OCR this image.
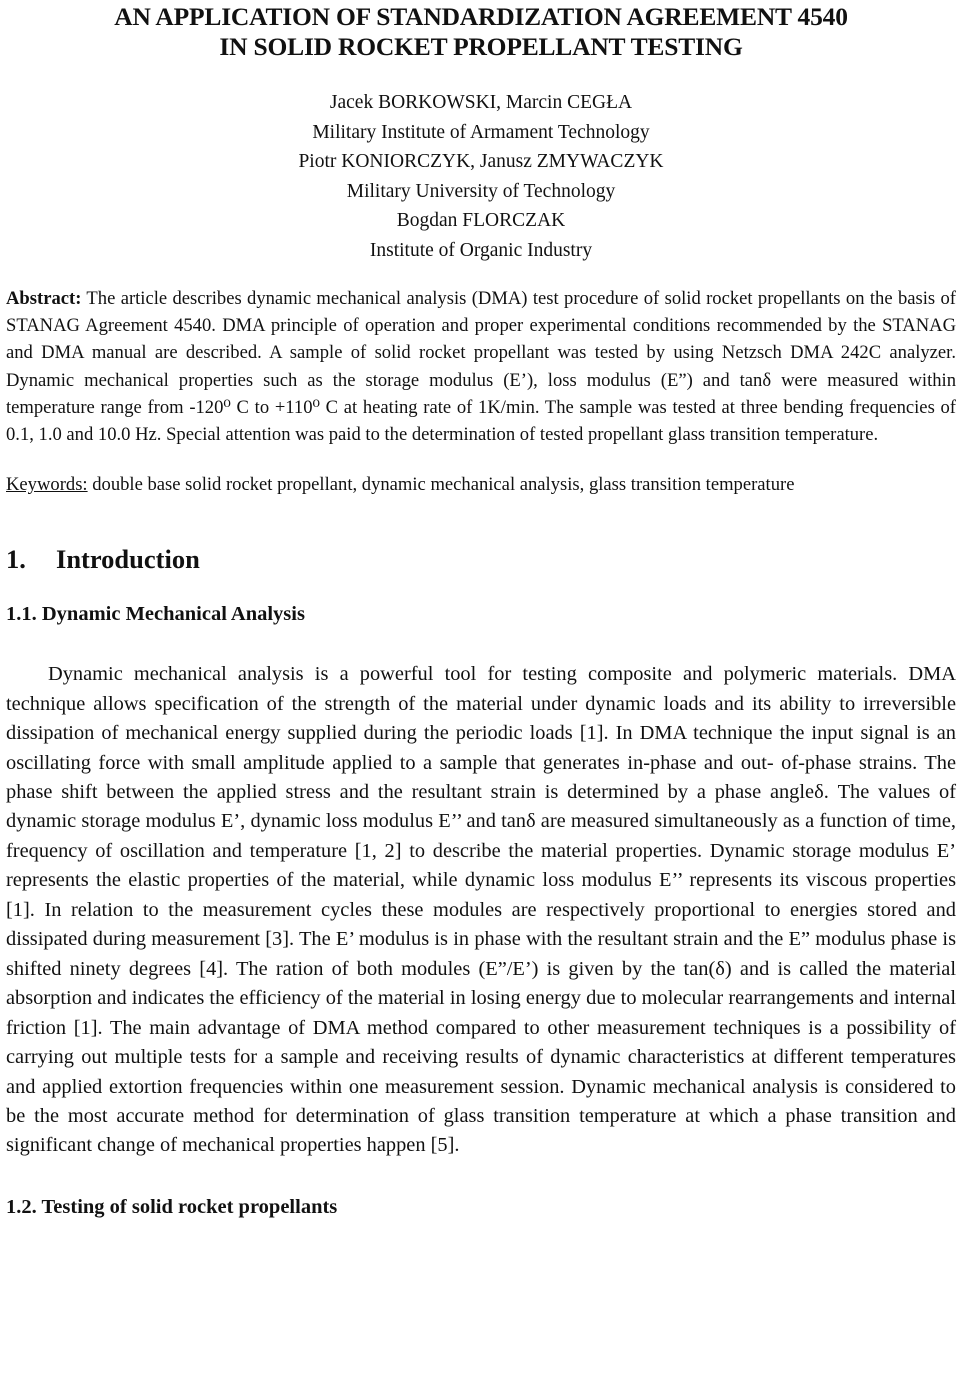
AN APPLICATION OF STANDARDIZATION AGREEMENT 4540
IN SOLID ROCKET PROPELLANT TESTING
Jacek BORKOWSKI, Marcin CEGŁA
Military Institute of Armament Technology
Piotr KONIORCZYK, Janusz ZMYWACZYK
Military University of Technology
Bogdan FLORCZAK
Institute of Organic Industry
Abstract: The article describes dynamic mechanical analysis (DMA) test procedure of solid rocket propellants on the basis of STANAG Agreement 4540. DMA principle of operation and proper experimental conditions recommended by the STANAG and DMA manual are described. A sample of solid rocket propellant was tested by using Netzsch DMA 242C analyzer. Dynamic mechanical properties such as the storage modulus (E’), loss modulus (E”) and tanδ were measured within temperature range from -120⁰ C to +110⁰ C at heating rate of 1K/min. The sample was tested at three bending frequencies of 0.1, 1.0 and 10.0 Hz. Special attention was paid to the determination of tested propellant glass transition temperature.
Keywords: double base solid rocket propellant, dynamic mechanical analysis, glass transition temperature
1. Introduction
1.1. Dynamic Mechanical Analysis
Dynamic mechanical analysis is a powerful tool for testing composite and polymeric materials. DMA technique allows specification of the strength of the material under dynamic loads and its ability to irreversible dissipation of mechanical energy supplied during the periodic loads [1]. In DMA technique the input signal is an oscillating force with small amplitude applied to a sample that generates in-phase and out- of-phase strains. The phase shift between the applied stress and the resultant strain is determined by a phase angleδ. The values of dynamic storage modulus E’, dynamic loss modulus E’’ and tanδ are measured simultaneously as a function of time, frequency of oscillation and temperature [1, 2] to describe the material properties. Dynamic storage modulus E’ represents the elastic properties of the material, while dynamic loss modulus E’’ represents its viscous properties [1]. In relation to the measurement cycles these modules are respectively proportional to energies stored and dissipated during measurement [3]. The E’ modulus is in phase with the resultant strain and the E” modulus phase is shifted ninety degrees [4]. The ration of both modules (E”/E’) is given by the tan(δ) and is called the material absorption and indicates the efficiency of the material in losing energy due to molecular rearrangements and internal friction [1]. The main advantage of DMA method compared to other measurement techniques is a possibility of carrying out multiple tests for a sample and receiving results of dynamic characteristics at different temperatures and applied extortion frequencies within one measurement session. Dynamic mechanical analysis is considered to be the most accurate method for determination of glass transition temperature at which a phase transition and significant change of mechanical properties happen [5].
1.2. Testing of solid rocket propellants
